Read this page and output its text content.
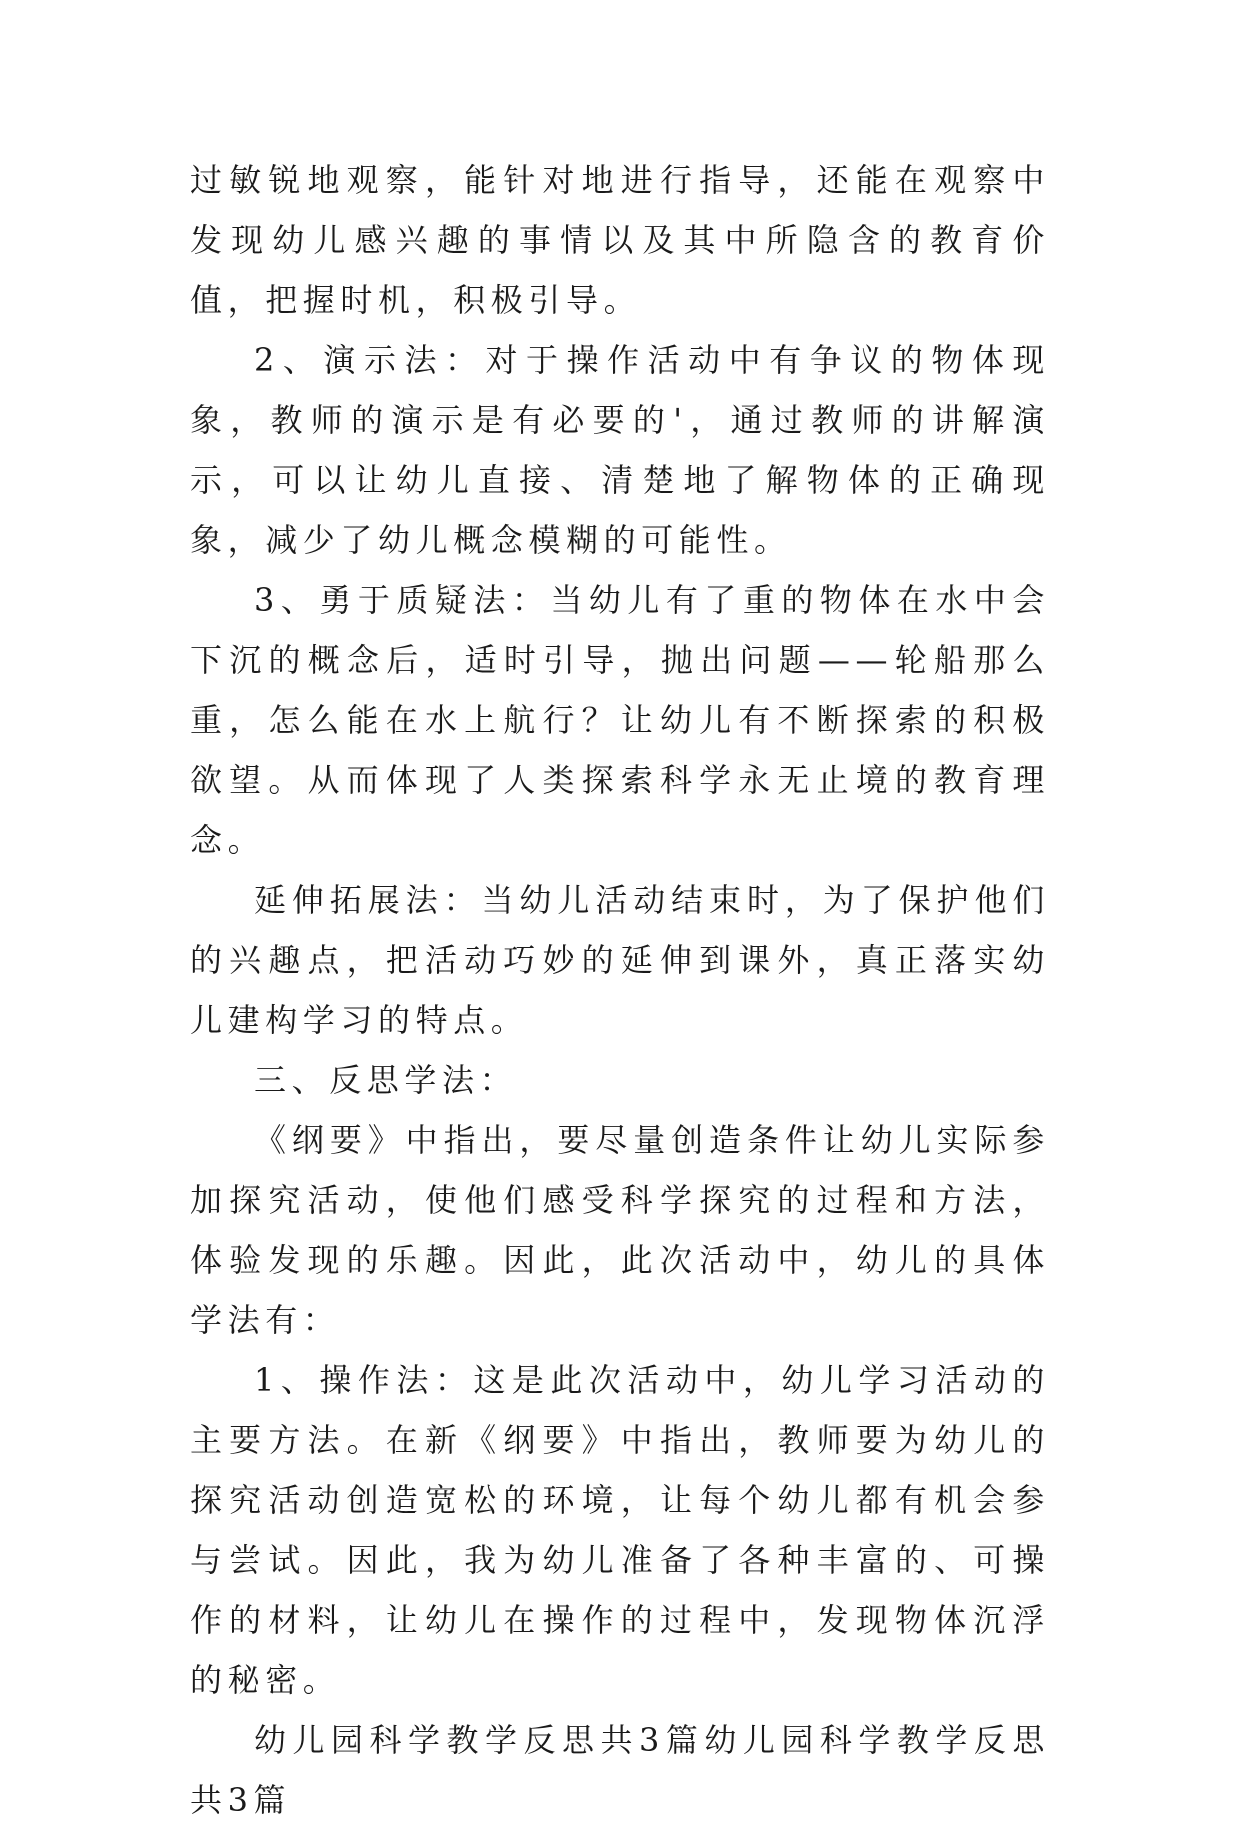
过敏锐地观察，能针对地进行指导，还能在观察中发现幼儿感兴趣的事情以及其中所隐含的教育价值，把握时机，积极引导。

2、演示法：对于操作活动中有争议的物体现象，教师的演示是有必要的'，通过教师的讲解演示，可以让幼儿直接、清楚地了解物体的正确现象，减少了幼儿概念模糊的可能性。

3、勇于质疑法：当幼儿有了重的物体在水中会下沉的概念后，适时引导，抛出问题——轮船那么重，怎么能在水上航行？让幼儿有不断探索的积极欲望。从而体现了人类探索科学永无止境的教育理念。

延伸拓展法：当幼儿活动结束时，为了保护他们的兴趣点，把活动巧妙的延伸到课外，真正落实幼儿建构学习的特点。

三、反思学法：

《纲要》中指出，要尽量创造条件让幼儿实际参加探究活动，使他们感受科学探究的过程和方法，体验发现的乐趣。因此，此次活动中，幼儿的具体学法有：

1、操作法：这是此次活动中，幼儿学习活动的主要方法。在新《纲要》中指出，教师要为幼儿的探究活动创造宽松的环境，让每个幼儿都有机会参与尝试。因此，我为幼儿准备了各种丰富的、可操作的材料，让幼儿在操作的过程中，发现物体沉浮的秘密。

幼儿园科学教学反思共3篇幼儿园科学教学反思共3篇
